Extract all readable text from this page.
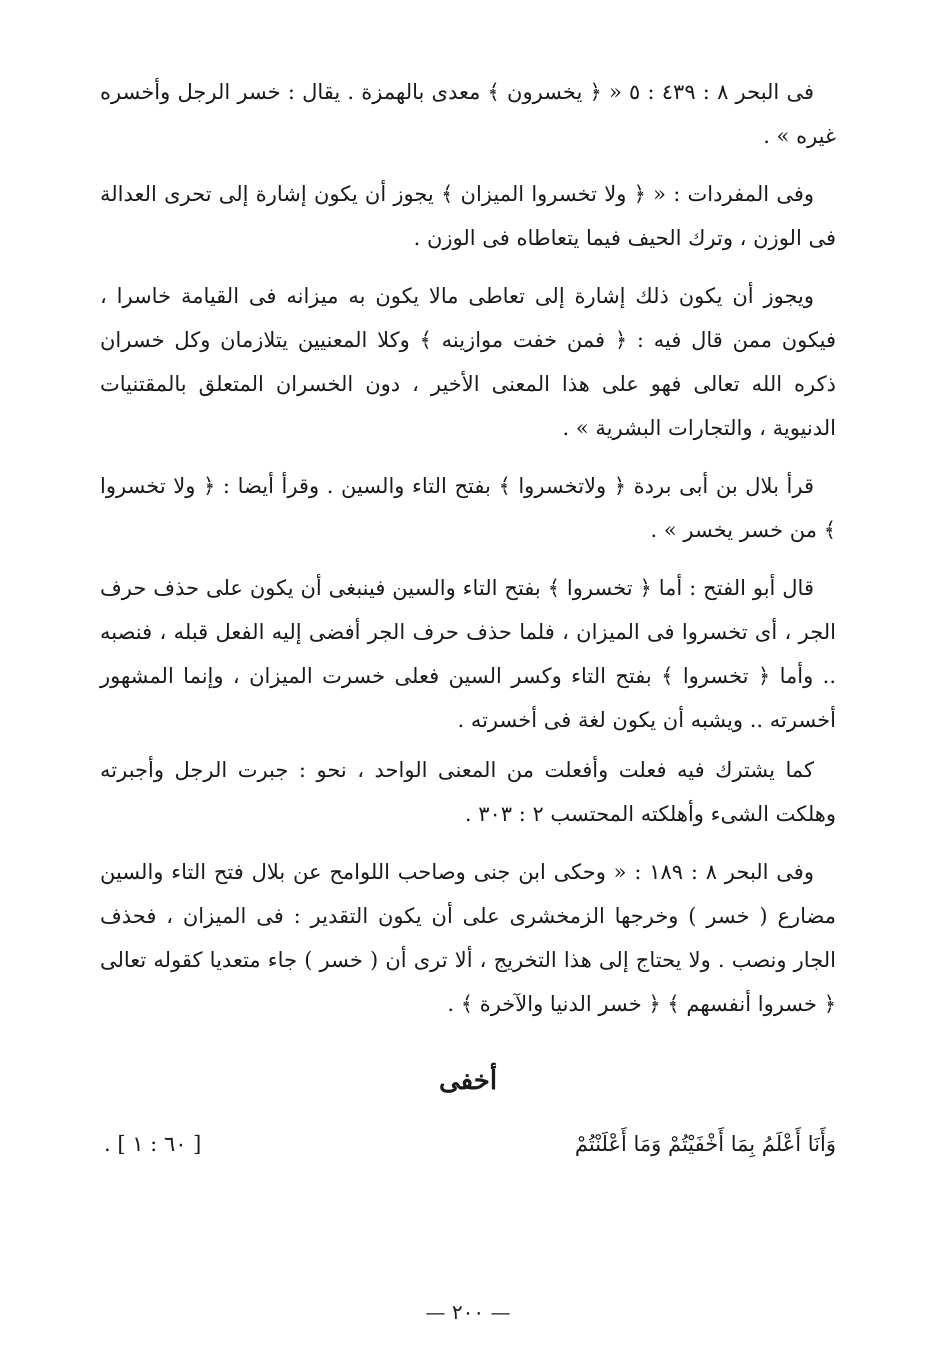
فى البحر ٨ : ٤٣٩ : ٥ « ﴿ يخسرون ﴾ معدى بالهمزة . يقال : خسر الرجل وأخسره غيره » .

وفى المفردات : « ﴿ ولا تخسروا الميزان ﴾ يجوز أن يكون إشارة إلى تحرى العدالة فى الوزن ، وترك الحيف فيما يتعاطاه فى الوزن .

ويجوز أن يكون ذلك إشارة إلى تعاطى مالا يكون به ميزانه فى القيامة خاسرا ، فيكون ممن قال فيه : ﴿ فمن خفت موازينه ﴾ وكلا المعنيين يتلازمان وكل خسران ذكره الله تعالى فهو على هذا المعنى الأخير ، دون الخسران المتعلق بالمقتنيات الدنيوية ، والتجارات البشرية » .

قرأ بلال بن أبى بردة ﴿ ولاتخسروا ﴾ بفتح التاء والسين . وقرأ أيضا : ﴿ ولا تخسروا ﴾ من خسر يخسر » .

قال أبو الفتح : أما ﴿ تخسروا ﴾ بفتح التاء والسين فينبغى أن يكون على حذف حرف الجر ، أى تخسروا فى الميزان ، فلما حذف حرف الجر أفضى إليه الفعل قبله ، فنصبه .. وأما ﴿ تخسروا ﴾ بفتح التاء وكسر السين فعلى خسرت الميزان ، وإنما المشهور أخسرته .. ويشبه أن يكون لغة فى أخسرته .

كما يشترك فيه فعلت وأفعلت من المعنى الواحد ، نحو : جبرت الرجل وأجبرته وهلكت الشىء وأهلكته المحتسب ٢ : ٣٠٣ .

وفى البحر ٨ : ١٨٩ : « وحكى ابن جنى وصاحب اللوامح عن بلال فتح التاء والسين مضارع ( خسر ) وخرجها الزمخشرى على أن يكون التقدير : فى الميزان ، فحذف الجار ونصب . ولا يحتاج إلى هذا التخريج ، ألا ترى أن ( خسر ) جاء متعديا كقوله تعالى ﴿ خسروا أنفسهم ﴾ ﴿ خسر الدنيا والآخرة ﴾ .

أخفى
وَأَنَا أَعْلَمُ بِمَا أَخْفَيْتُمْ وَمَا أَعْلَنْتُمْ
[ ٦٠ : ١ ] .
— ٢٠٠ —
